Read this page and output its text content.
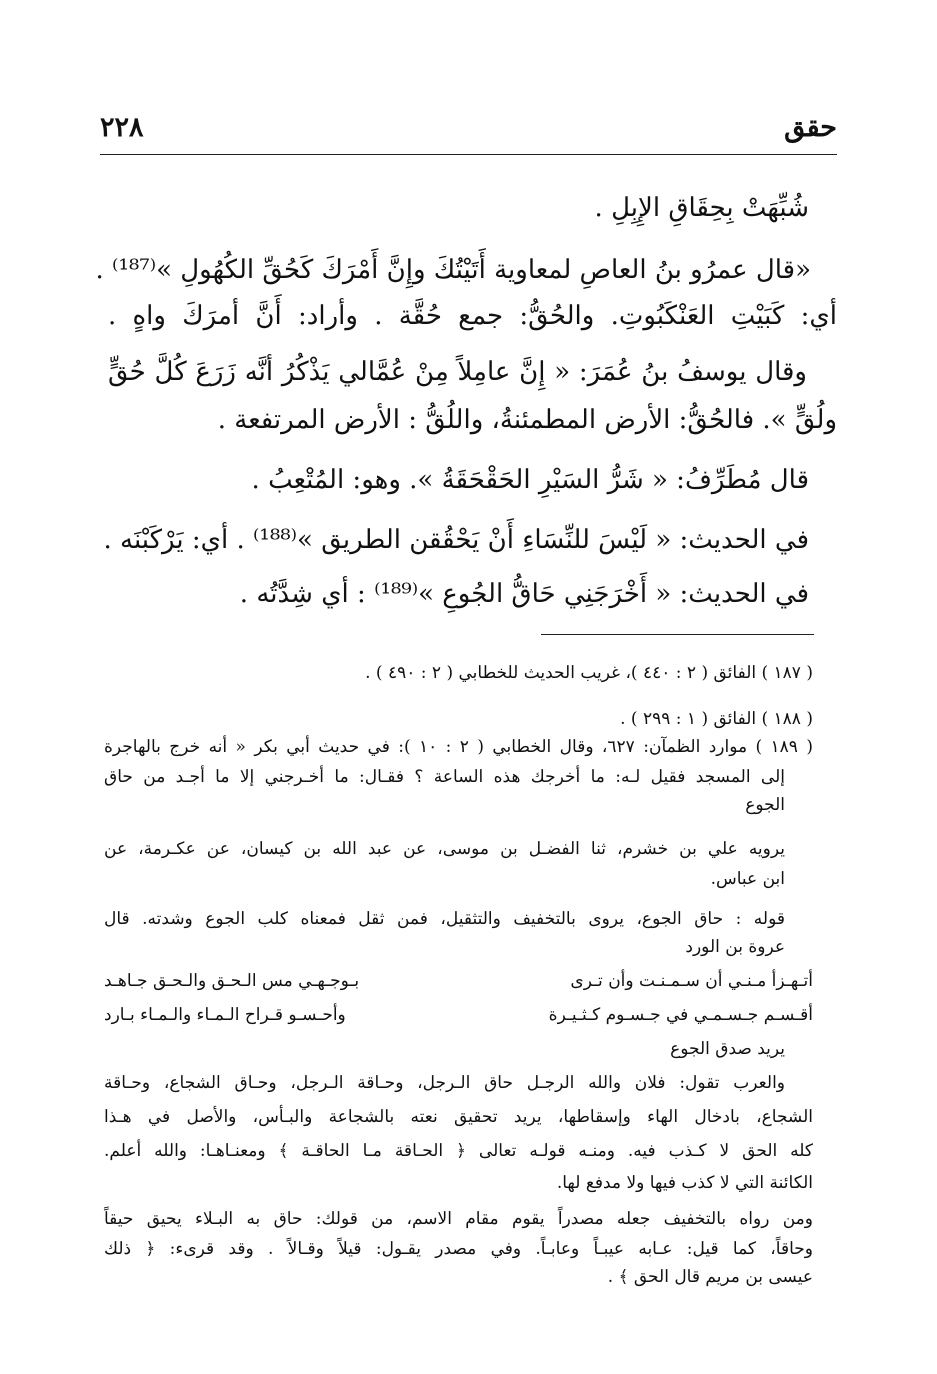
حقق
٢٢٨
شُبِّهَتْ بِحِقَاقِ الإِبِلِ .
«قال عمرُو بنُ العاصِ لمعاوية أَتَيْتُكَ وإِنَّ أَمْرَكَ كَحُقِّ الكُهُولِ »⁽¹⁸⁷⁾ .
أي: كَبَيْتِ العَنْكَبُوتِ. والحُقُّ: جمع حُقَّة . وأراد: أَنَّ أمرَكَ واهٍ .
وقال يوسفُ بنُ عُمَرَ: « إِنَّ عامِلاً مِنْ عُمَّالي يَذْكُرُ أنَّه زَرَعَ كُلَّ حُقٍّ
ولُقٍّ ». فالحُقُّ: الأرض المطمئنةُ، واللُقُّ : الأرض المرتفعة .
قال مُطَرِّفُ: « شَرُّ السَيْرِ الحَقْحَقَةُ ». وهو: المُتْعِبُ .
في الحديث: « لَيْسَ للنِّسَاءِ أَنْ يَحْقُقن الطريق »⁽¹⁸⁸⁾ . أي: يَرْكَبْنَه .
في الحديث: « أَخْرَجَنِي حَاقُّ الجُوعِ »⁽¹⁸⁹⁾ : أي شِدَّتُه .
( ١٨٧ ) الفائق ( ٢ : ٤٤٠ )، غريب الحديث للخطابي ( ٢ : ٤٩٠ ) .
( ١٨٨ ) الفائق ( ١ : ٢٩٩ ) .
( ١٨٩ ) موارد الظمآن: ٦٢٧، وقال الخطابي ( ٢ : ١٠ ): في حديث أبي بكر « أنه خرج بالهاجرة
إلى المسجد فقيل لـه: ما أخرجك هذه الساعة ؟ فقـال: ما أخـرجني إلا ما أجـد من حاق
الجوع
يرويه علي بن خشرم، ثنا الفضـل بن موسى، عن عبد الله بن كيسان، عن عكـرمة، عن
ابن عباس.
قوله : حاق الجوع، يروى بالتخفيف والتثقيل، فمن ثقل فمعناه كلب الجوع وشدته. قال
عروة بن الورد
أتـهـزأ مـنـي أن سـمـنـت وأن تـرى
بـوجـهـي مس الـحـق والـحـق جـاهـد
أقـسـم جـسـمـي في جـسـوم كـثـيـرة
وأحـسـو قـراح الـمـاء والـمـاء بـارد
يريد صدق الجوع
والعرب تقول: فلان والله الرجـل حاق الـرجل، وحـاقة الـرجل، وحـاق الشجاع، وحـاقة
الشجاع، بادخال الهاء وإسقاطها، يريد تحقيق نعته بالشجاعة والبـأس، والأصل في هـذا
كله الحق لا كـذب فيه. ومنـه قولـه تعالى ﴿ الحـاقة مـا الحاقـة ﴾ ومعنـاهـا: والله أعلم.
الكائنة التي لا كذب فيها ولا مدفع لها.
ومن رواه بالتخفيف جعله مصدراً يقوم مقام الاسم، من قولك: حاق به البـلاء يحيق حيقاً
وحاقاً، كما قيل: عـابه عيبـاً وعابـاً. وفي مصدر يقـول: قيلاً وقـالاً . وقد قرىء: ﴿ ذلك
عيسى بن مريم قال الحق ﴾ .
